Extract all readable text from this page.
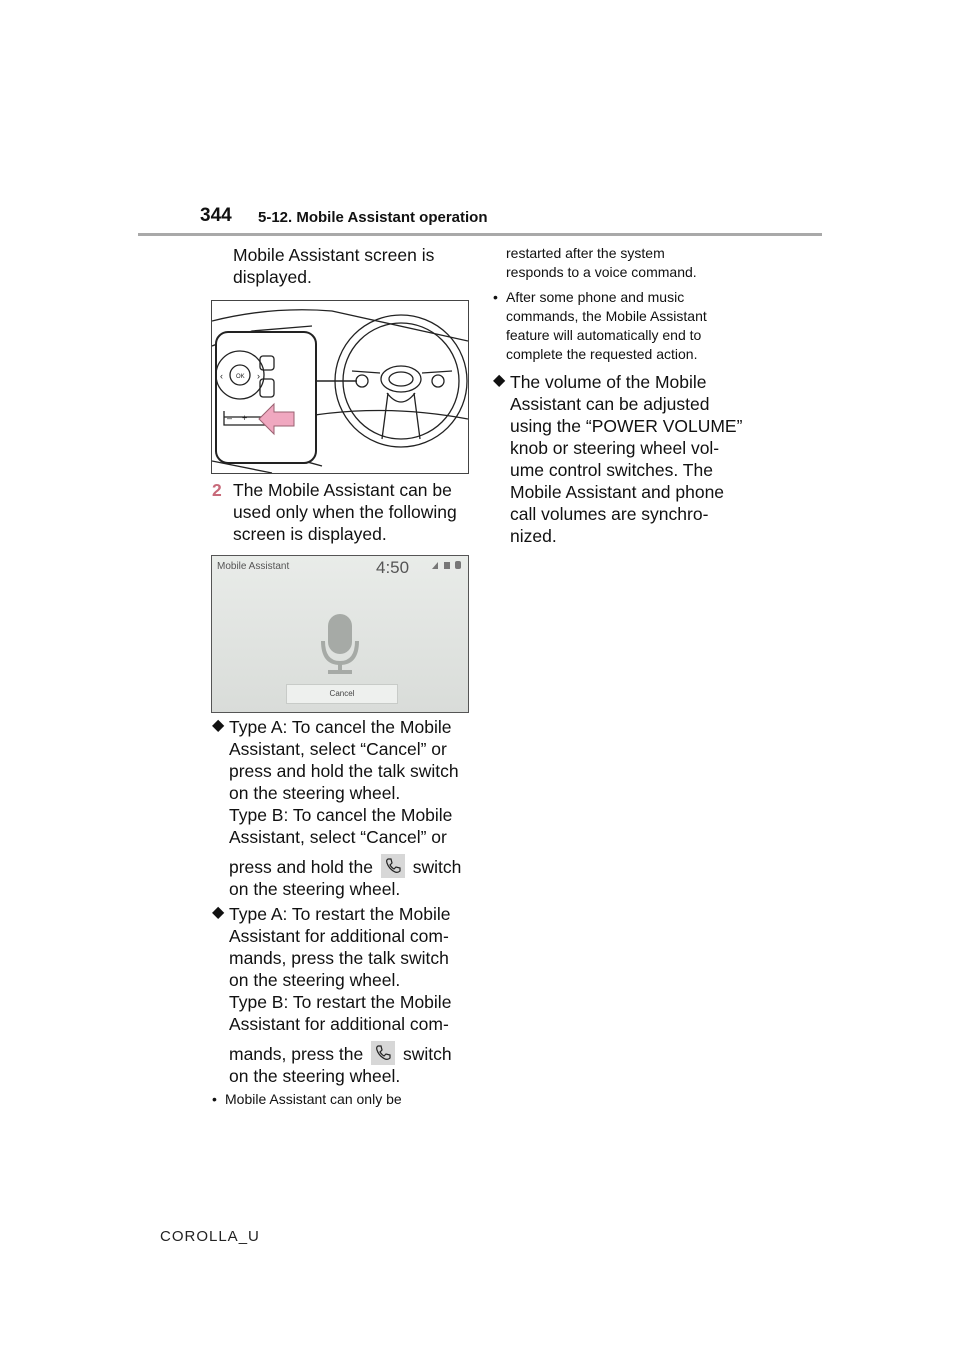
344 5-12. Mobile Assistant operation
Mobile Assistant screen is
displayed.
OK
‹	›
– +
2 The Mobile Assistant can be
used only when the following
screen is displayed.
Mobile Assistant	4:50
Cancel
◆ Type A: To cancel the Mobile
Assistant, select “Cancel” or
press and hold the talk switch
on the steering wheel.
Type B: To cancel the Mobile
Assistant, select “Cancel” or
press and hold the switch
on the steering wheel.
◆ Type A: To restart the Mobile
Assistant for additional com-
mands, press the talk switch
on the steering wheel.
Type B: To restart the Mobile
Assistant for additional com-
mands, press the switch
on the steering wheel.
• Mobile Assistant can only be
restarted after the system
responds to a voice command.
• After some phone and music
commands, the Mobile Assistant
feature will automatically end to
complete the requested action.
◆ The volume of the Mobile
Assistant can be adjusted
using the “POWER VOLUME”
knob or steering wheel vol-
ume control switches. The
Mobile Assistant and phone
call volumes are synchro-
nized.
COROLLA_U
